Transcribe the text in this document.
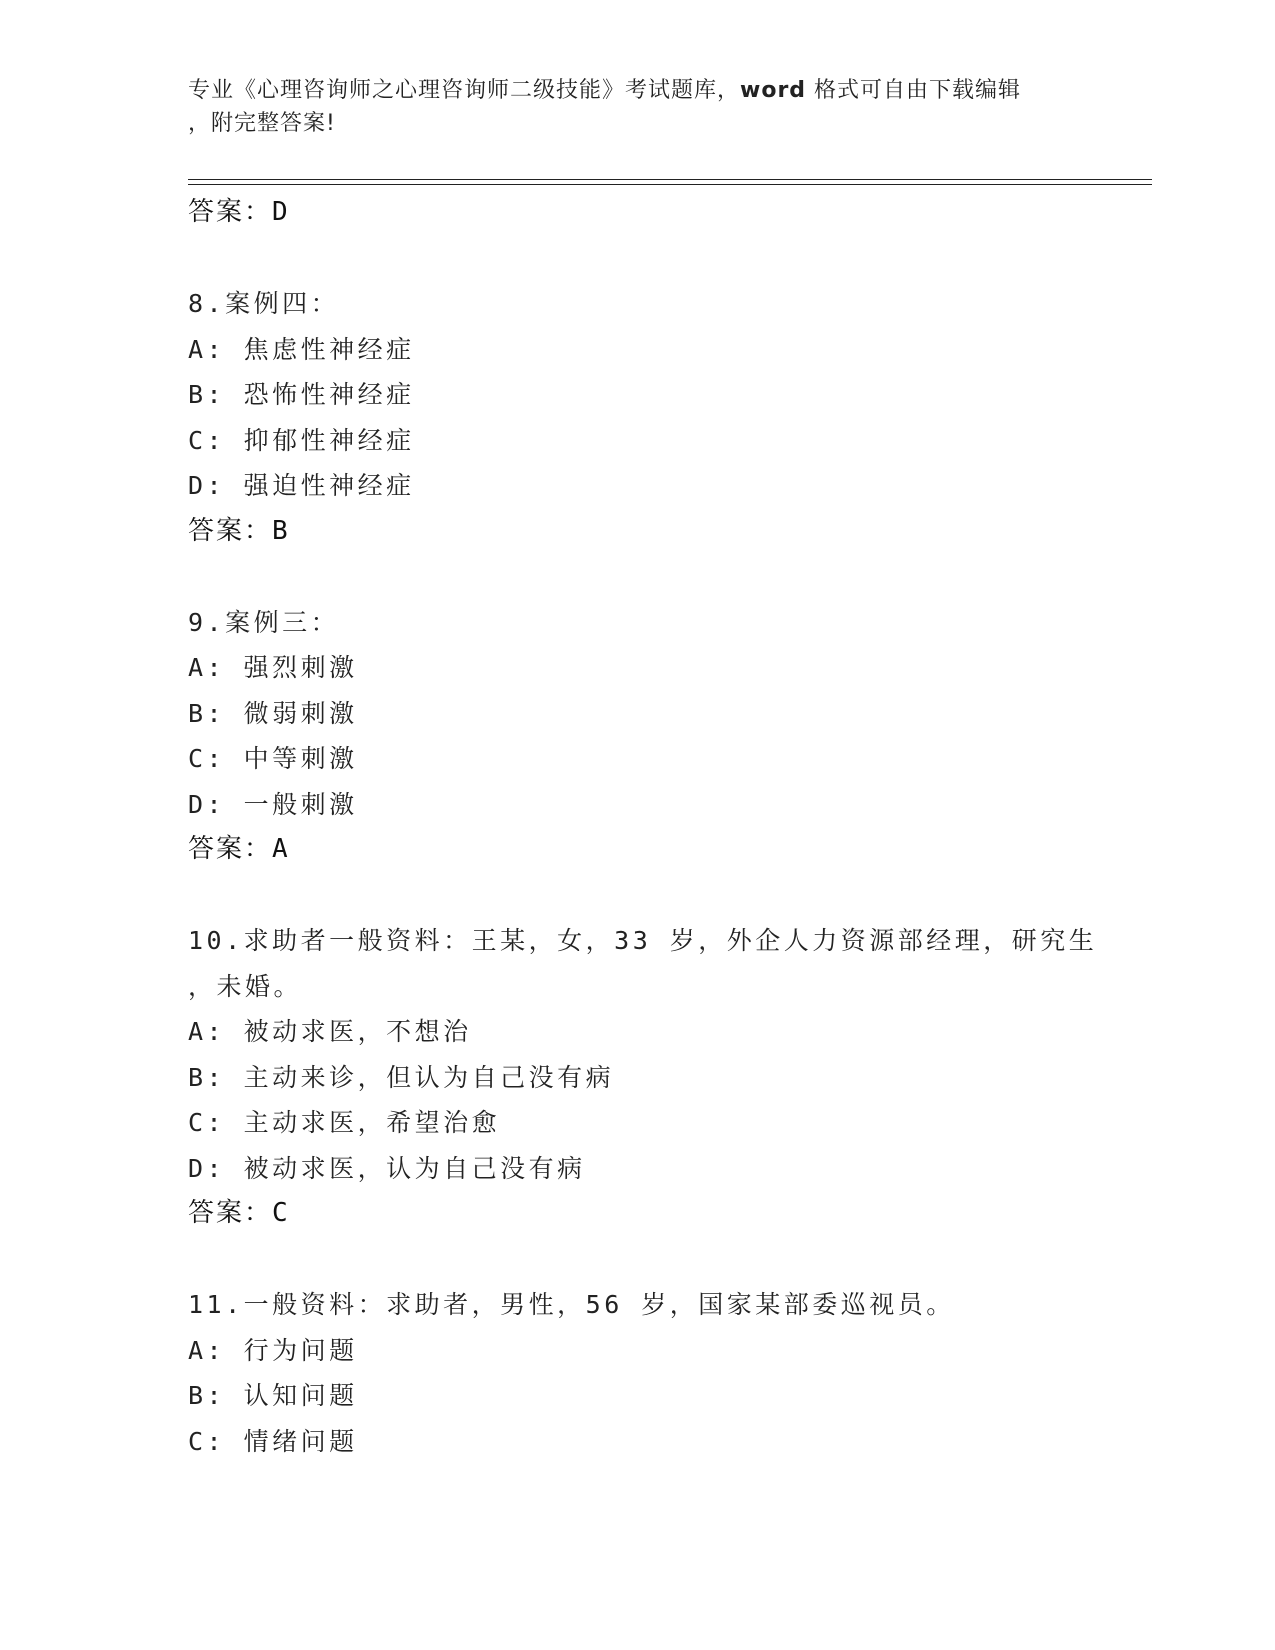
专业《心理咨询师之心理咨询师二级技能》考试题库，word 格式可自由下载编辑
，附完整答案!
答案：D
8.案例四：
A: 焦虑性神经症
B: 恐怖性神经症
C: 抑郁性神经症
D: 强迫性神经症
答案：B
9.案例三：
A: 强烈刺激
B: 微弱刺激
C: 中等刺激
D: 一般刺激
答案：A
10.求助者一般资料：王某，女，33 岁，外企人力资源部经理，研究生
，未婚。
A: 被动求医，不想治
B: 主动来诊，但认为自己没有病
C: 主动求医，希望治愈
D: 被动求医，认为自己没有病
答案：C
11.一般资料：求助者，男性，56 岁，国家某部委巡视员。
A: 行为问题
B: 认知问题
C: 情绪问题
